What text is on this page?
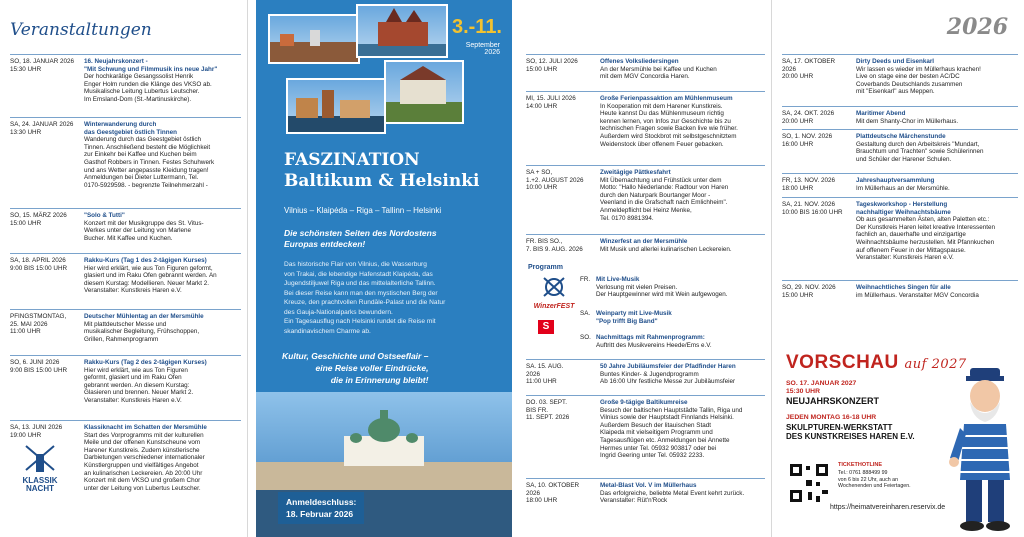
Veranstaltungen
SO, 18. JANUAR 2026
15:30 UHR
16. Neujahrskonzert -
"Mit Schwung und Filmmusik ins neue Jahr"
Der hochkarätige Gesangssolist Henrik
Enger Holm runden die Klänge des VKSO ab.
Musikalische Leitung Lubertus Leutscher.
Im Emsland-Dom (St.-Martinuskirche).
SA, 24. JANUAR 2026
13:30 UHR
Winterwanderung durch
das Geestgebiet östlich Tinnen
Wanderung durch das Geestgebiet östlich
Tinnen. Anschließend besteht die Möglichkeit
zur Einkehr bei Kaffee und Kuchen beim
Gasthof Robbers in Tinnen. Festes Schuhwerk
und ans Wetter angepasste Kleidung tragen!
Anmeldungen bei Dieter Luttermann, Tel.
0170-5929598. - begrenzte Teilnehmerzahl -
SO, 15. MÄRZ 2026
15:00 UHR
"Solo & Tutti"
Konzert mit der Musikgruppe des St. Vitus-
Werkes unter der Leitung von Marlene
Bucher. Mit Kaffee und Kuchen.
SA, 18. APRIL 2026
9:00 BIS 15:00 UHR
Rakku-Kurs (Tag 1 des 2-tägigen Kurses)
Hier wird erklärt, wie aus Ton Figuren geformt,
glasiert und im Raku Ofen gebrannt werden. An
diesem Kurstag: Modellieren. Neuer Markt 2.
Veranstalter: Kunstkreis Haren e.V.
PFINGSTMONTAG,
25. MAI 2026
11:00 UHR
Deutscher Mühlentag an der Mersmühle
Mit plattdeutscher Messe und
musikalischer Begleitung, Frühschoppen,
Grillen, Rahmenprogramm
SO, 6. JUNI 2026
9:00 BIS 15:00 UHR
Rakku-Kurs (Tag 2 des 2-tägigen Kurses)
Hier wird erklärt, wie aus Ton Figuren
geformt, glasiert und im Raku Ofen
gebrannt werden. An diesem Kurstag:
Glasieren und brennen. Neuer Markt 2.
Veranstalter: Kunstkreis Haren e.V.
SA, 13. JUNI 2026
19:00 UHR
Klassiknacht im Schatten der Mersmühle
Start des Vorprogramms mit der kulturellen
Meile und der offenen Kunstscheune vom
Harener Kunstkreis. Zudem künstlerische
Darbietungen verschiedener internationaler
Künstlergruppen und vielfältiges Angebot
an kulinarischen Leckereien. Ab 20:00 Uhr
Konzert mit dem VKSO und großem Chor
unter der Leitung von Lubertus Leutscher.
KLASSIK
NACHT
3.-11.
September
2026
FASZINATION
Baltikum & Helsinki
Vilnius – Klaipėda – Riga – Tallinn – Helsinki
Die schönsten Seiten des Nordostens
Europas entdecken!
Das historische Flair von Vilnius, die Wasserburg
von Trakai, die lebendige Hafenstadt Klaipėda, das
Jugendstiljuwel Riga und das mittelalterliche Tallinn.
Bei dieser Reise kann man den mystischen Berg der
Kreuze, den prachtvollen Rundāle-Palast und die Natur
des Gauja-Nationalparks bewundern.
Ein Tagesausflug nach Helsinki rundet die Reise mit
skandinavischem Charme ab.
Kultur, Geschichte und Ostseeflair –
eine Reise voller Eindrücke,
die in Erinnerung bleibt!
Anmeldeschluss:
18. Februar 2026
SO, 12. JULI 2026
15:00 UHR
Offenes Volksliedersingen
An der Mersmühle bei Kaffee und Kuchen
mit dem MGV Concordia Haren.
MI, 15. JULI 2026
14:00 UHR
Große Ferienpassaktion am Mühlenmuseum
In Kooperation mit dem Harener Kunstkreis.
Heute kannst Du das Mühlenmuseum richtig
kennen lernen, von Infos zur Geschichte bis zu
technischen Fragen sowie Backen live wie früher.
Außerdem wird Stockbrot mit selbstgeschnitztem
Weidenstock über offenem Feuer gebacken.
SA + SO,
1.+2. AUGUST 2026
10:00 UHR
Zweitägige Pättkesfahrt
Mit Übernachtung und Frühstück unter dem
Motto: "Hallo Niederlande: Radtour von Haren
durch den Naturpark Bourtanger Moor -
Veenland in die Grafschaft nach Emlichheim".
Anmeldepflicht bei Heinz Menke,
Tel. 0170 8981394.
FR. BIS SO.,
7. BIS 9. AUG. 2026
Winzerfest an der Mersmühle
Mit Musik und allerlei kulinarischen Leckereien.
Programm
WinzerFEST
S
FR. Mit Live-Musik
Verlosung mit vielen Preisen.
Der Hauptgewinner wird mit Wein aufgewogen.
SA. Weinparty mit Live-Musik
"Pop trifft Big Band"
SO. Nachmittags mit Rahmenprogramm:
Auftritt des Musikvereins Heede/Ems e.V.
SA. 15. AUG.
2026
11:00 UHR
50 Jahre Jubiläumsfeier der Pfadfinder Haren
Buntes Kinder- & Jugendprogramm
Ab 16:00 Uhr festliche Messe zur Jubiläumsfeier
DO. 03. SEPT.
BIS FR.
11. SEPT. 2026
Große 9-tägige Baltikumreise
Besuch der baltischen Hauptstädte Tallin, Riga und
Vilnius sowie der Hauptstadt Finnlands Helsinki.
Außerdem Besuch der litauischen Stadt
Klaipeda mit vielseitigem Programm und
Tagesausflügen etc. Anmeldungen bei Annette
Hermes unter Tel. 05932 903817 oder bei
Ingrid Geering unter Tel. 05932 2233.
SA, 10. OKTOBER
2026
18:00 UHR
Metal-Blast Vol. V im Müllerhaus
Das erfolgreiche, beliebte Metal Event kehrt zurück.
Veranstalter: Rüt'n'Rock
2026
SA, 17. OKTOBER
2026
20:00 UHR
Dirty Deeds und Eisenkarl
Wir lassen es wieder im Müllerhaus krachen!
Live on stage eine der besten AC/DC
Coverbands Deutschlands zusammen
mit "Eisenkarl" aus Meppen.
SA, 24. OKT. 2026
20:00 UHR
Maritimer Abend
Mit dem Shanty-Chor im Müllerhaus.
SO, 1. NOV. 2026
16:00 UHR
Plattdeutsche Märchenstunde
Gestaltung durch den Arbeitskreis "Mundart,
Brauchtum und Trachten" sowie Schülerinnen
und Schüler der Harener Schulen.
FR, 13. NOV. 2026
18:00 UHR
Jahreshauptversammlung
Im Müllerhaus an der Mersmühle.
SA, 21. NOV. 2026
10:00 BIS 16:00 UHR
Tageskworkshop - Herstellung
nachhaltiger Weihnachtsbäume
Ob aus gesammelten Ästen, alten Paletten etc.:
Der Kunstkreis Haren leitet kreative Interessenten
fachlich an, dauerhafte und einzigartige
Weihnachtsbäume herzustellen. Mit Pfannkuchen
auf offenem Feuer in der Mittagspause.
Veranstalter: Kunstkreis Haren e.V.
SO, 29. NOV. 2026
15:00 UHR
Weihnachtliches Singen für alle
im Müllerhaus. Veranstalter MGV Concordia
VORSCHAU auf 2027
SO. 17. JANUAR 2027
15:30 UHR
NEUJAHRSKONZERT
JEDEN MONTAG 16-18 UHR
SKULPTUREN-WERKSTATT
DES KUNSTKREISES HAREN E.V.
TICKETHOTLINE
Tel.: 0761 888499 99
von 6 bis 22 Uhr, auch an
Wochenenden und Feiertagen.
https://heimatvereinharen.reservix.de
